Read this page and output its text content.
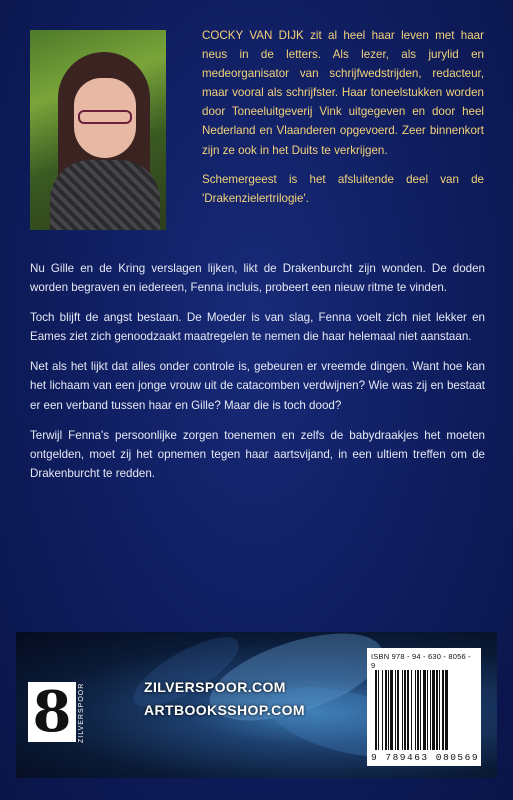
COCKY VAN DIJK zit al heel haar leven met haar neus in de letters. Als lezer, als jurylid en medeorganisator van schrijfwedstrijden, redacteur, maar vooral als schrijfster. Haar toneelstukken worden door Toneeluitgeverij Vink uitgegeven en door heel Nederland en Vlaanderen opgevoerd. Zeer binnenkort zijn ze ook in het Duits te verkrijgen.

Schemergeest is het afsluitende deel van de 'Drakenzielertrilogie'.

Nu Gille en de Kring verslagen lijken, likt de Drakenburcht zijn wonden. De doden worden begraven en iedereen, Fenna incluis, probeert een nieuw ritme te vinden.

Toch blijft de angst bestaan. De Moeder is van slag, Fenna voelt zich niet lekker en Eames ziet zich genoodzaakt maatregelen te nemen die haar helemaal niet aanstaan.

Net als het lijkt dat alles onder controle is, gebeuren er vreemde dingen. Want hoe kan het lichaam van een jonge vrouw uit de catacomben verdwijnen? Wie was zij en bestaat er een verband tussen haar en Gille? Maar die is toch dood?

Terwijl Fenna's persoonlijke zorgen toenemen en zelfs de babydraakjes het moeten ontgelden, moet zij het opnemen tegen haar aartsvijand, in een ultiem treffen om de Drakenburcht te redden.

8 ZILVERSPOOR	ZILVERSPOOR.COM
ARTBOOKSSHOP.COM
ISBN 978 - 94 - 630 - 8056 - 9
9 789463 080569
